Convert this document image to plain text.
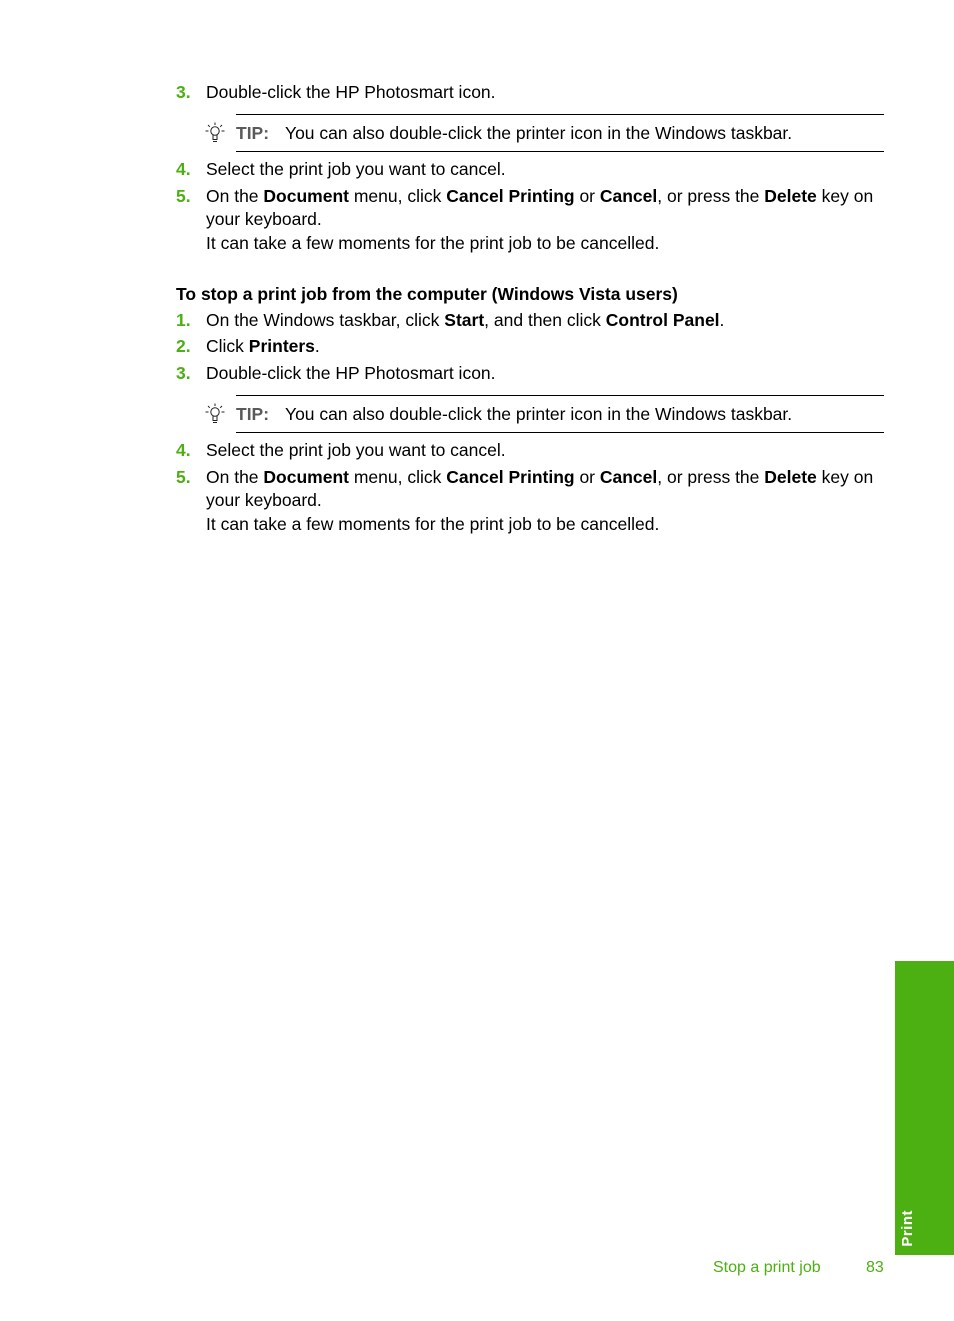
3. Double-click the HP Photosmart icon.
TIP: You can also double-click the printer icon in the Windows taskbar.
4. Select the print job you want to cancel.
5. On the Document menu, click Cancel Printing or Cancel, or press the Delete key on your keyboard.
It can take a few moments for the print job to be cancelled.
To stop a print job from the computer (Windows Vista users)
1. On the Windows taskbar, click Start, and then click Control Panel.
2. Click Printers.
3. Double-click the HP Photosmart icon.
TIP: You can also double-click the printer icon in the Windows taskbar.
4. Select the print job you want to cancel.
5. On the Document menu, click Cancel Printing or Cancel, or press the Delete key on your keyboard.
It can take a few moments for the print job to be cancelled.
Print
Stop a print job	83
